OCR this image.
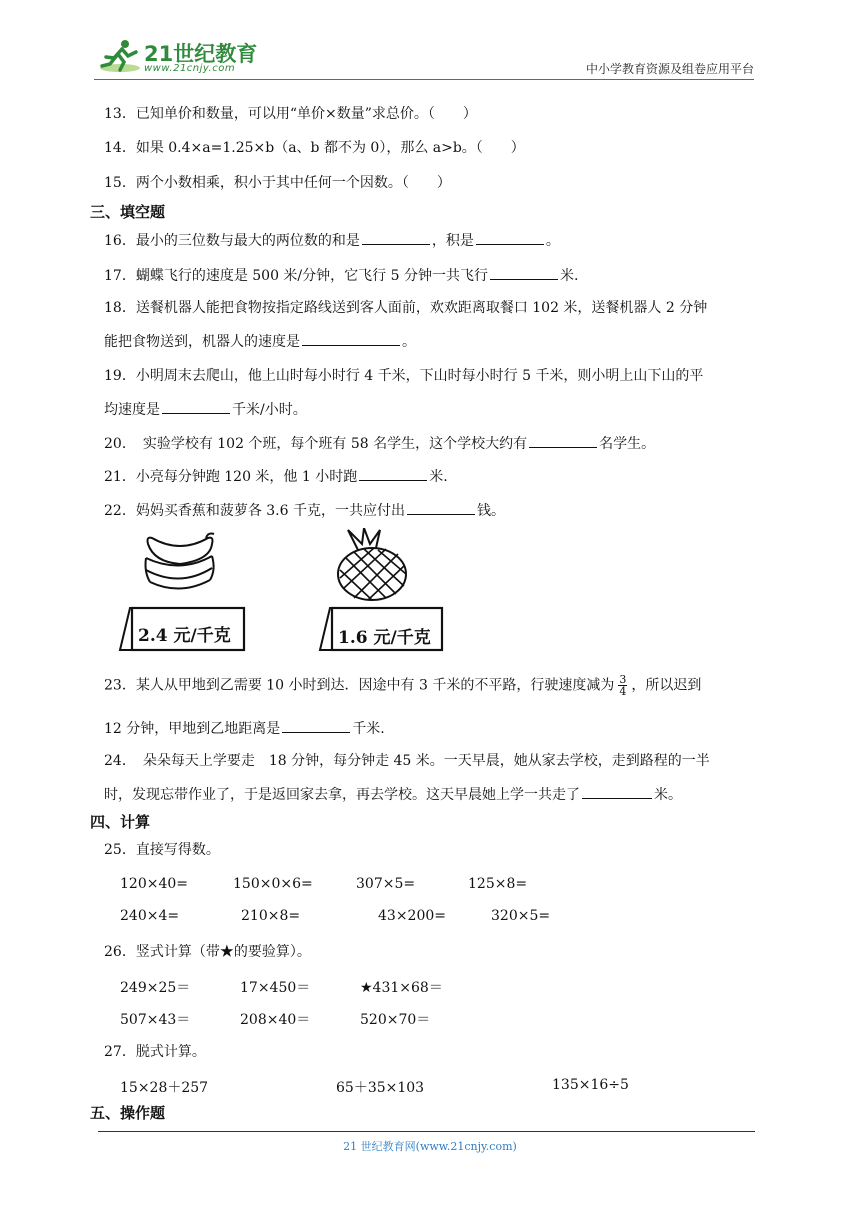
21世纪教育
www.21cnjy.com	中小学教育资源及组卷应用平台
13．已知单价和数量，可以用“单价×数量”求总价。（　　）
14．如果 0.4×a=1.25×b（a、b 都不为 0），那么 a>b。（　　）
15．两个小数相乘，积小于其中任何一个因数。（　　）
三、填空题
16．最小的三位数与最大的两位数的和是	，积是	。
17．蝴蝶飞行的速度是 500 米/分钟，它飞行 5 分钟一共飞行	米.
18．送餐机器人能把食物按指定路线送到客人面前，欢欢距离取餐口 102 米，送餐机器人 2 分钟
能把食物送到，机器人的速度是	。
19．小明周末去爬山，他上山时每小时行 4 千米，下山时每小时行 5 千米，则小明上山下山的平
均速度是	千米/小时。
20．　实验学校有 102 个班，每个班有 58 名学生，这个学校大约有	名学生。
21．小亮每分钟跑 120 米，他 1 小时跑	米.
22．妈妈买香蕉和菠萝各 3.6 千克，一共应付出	钱。
2.4 元/千克	1.6 元/千克
23．某人从甲地到乙需要 10 小时到达．因途中有 3 千米的不平路，行驶速度减为 $\frac{3}{4}$ ，所以迟到
12 分钟，甲地到乙地距离是	千米.
24．　朵朵每天上学要走　18 分钟，每分钟走 45 米。一天早晨，她从家去学校，走到路程的一半
时，发现忘带作业了，于是返回家去拿，再去学校。这天早晨她上学一共走了	米。
四、计算
25．直接写得数。
120×40=	150×0×6=	307×5=	125×8=
240×4=	210×8=	43×200=	320×5=
26．竖式计算（带★的要验算）。
249×25＝	17×450＝	★431×68＝
507×43＝	208×40＝	520×70＝
27．脱式计算。
15×28＋257	65＋35×103	135×16÷5
五、操作题
21 世纪教育网(www.21cnjy.com)
